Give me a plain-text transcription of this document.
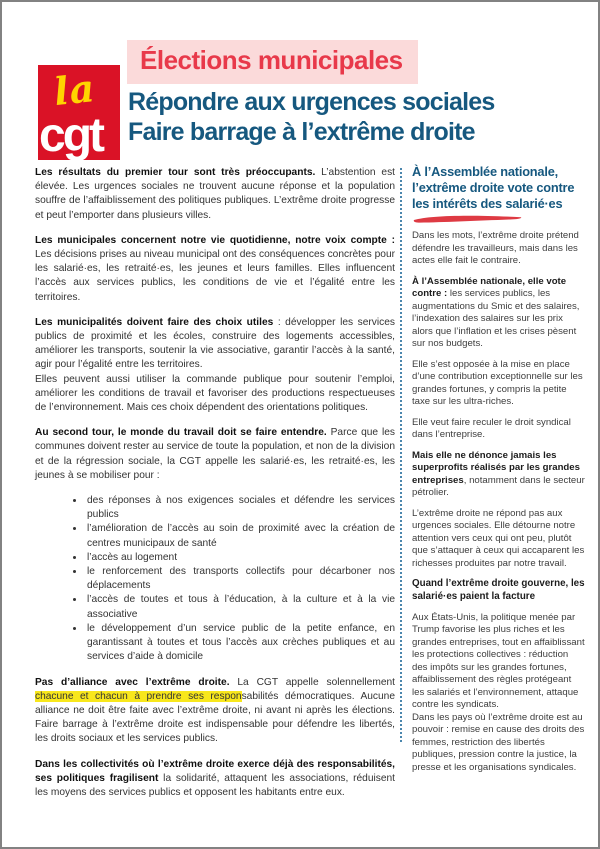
la
cgt
Élections municipales
Répondre aux urgences sociales
Faire barrage à l’extrême droite

Les résultats du premier tour sont très préoccupants. L’abstention est élevée. Les urgences sociales ne trouvent aucune réponse et la population souffre de l’affaiblissement des politiques publiques. L’extrême droite progresse et peut l’emporter dans plusieurs villes.

Les municipales concernent notre vie quotidienne, notre voix compte : Les décisions prises au niveau municipal ont des conséquences concrètes pour les salarié·es, les retraité·es, les jeunes et leurs familles. Elles influencent l’accès aux services publics, les conditions de vie et l’égalité entre les territoires.

Les municipalités doivent faire des choix utiles : développer les services publics de proximité et les écoles, construire des logements accessibles, améliorer les transports, soutenir la vie associative, garantir l’accès à la santé, agir pour l’égalité entre les territoires.

Elles peuvent aussi utiliser la commande publique pour soutenir l’emploi, améliorer les conditions de travail et favoriser des productions respectueuses de l’environnement. Mais ces choix dépendent des orientations politiques.

Au second tour, le monde du travail doit se faire entendre. Parce que les communes doivent rester au service de toute la population, et non de la division et de la régression sociale, la CGT appelle les salarié·es, les retraité·es, les jeunes à se mobiliser pour :

• des réponses à nos exigences sociales et défendre les services publics
• l’amélioration de l’accès au soin de proximité avec la création de centres municipaux de santé
• l’accès au logement
• le renforcement des transports collectifs pour décarboner nos déplacements
• l’accès de toutes et tous à l’éducation, à la culture et à la vie associative
• le développement d’un service public de la petite enfance, en garantissant à toutes et tous l’accès aux crèches publiques et au services d’aide à domicile

Pas d’alliance avec l’extrême droite. La CGT appelle solennellement chacune et chacun à prendre ses responsabilités démocratiques. Aucune alliance ne doit être faite avec l’extrême droite, ni avant ni après les élections. Faire barrage à l’extrême droite est indispensable pour défendre les libertés, les droits sociaux et les services publics.

Dans les collectivités où l’extrême droite exerce déjà des responsabilités, ses politiques fragilisent la solidarité, attaquent les associations, réduisent les moyens des services publics et opposent les habitants entre eux.

À l’Assemblée nationale, l’extrême droite vote contre les intérêts des salarié·es

Dans les mots, l’extrême droite prétend défendre les travailleurs, mais dans les actes elle fait le contraire.

À l’Assemblée nationale, elle vote contre : les services publics, les augmentations du Smic et des salaires, l’indexation des salaires sur les prix alors que l’inflation et les crises pèsent sur nos budgets.

Elle s’est opposée à la mise en place d’une contribution exceptionnelle sur les grandes fortunes, y compris la petite taxe sur les ultra-riches.

Elle veut faire reculer le droit syndical dans l’entreprise.

Mais elle ne dénonce jamais les superprofits réalisés par les grandes entreprises, notamment dans le secteur pétrolier.

L’extrême droite ne répond pas aux urgences sociales. Elle détourne notre attention vers ceux qui ont peu, plutôt que s’attaquer à ceux qui accaparent les richesses produites par notre travail.

Quand l’extrême droite gouverne, les salarié·es paient la facture

Aux États-Unis, la politique menée par Trump favorise les plus riches et les grandes entreprises, tout en affaiblissant les protections collectives : réduction des impôts sur les grandes fortunes, affaiblissement des règles protégeant les salariés et l’environnement, attaque contre les syndicats.

Dans les pays où l’extrême droite est au pouvoir : remise en cause des droits des femmes, restriction des libertés publiques, pression contre la justice, la presse et les organisations syndicales.
